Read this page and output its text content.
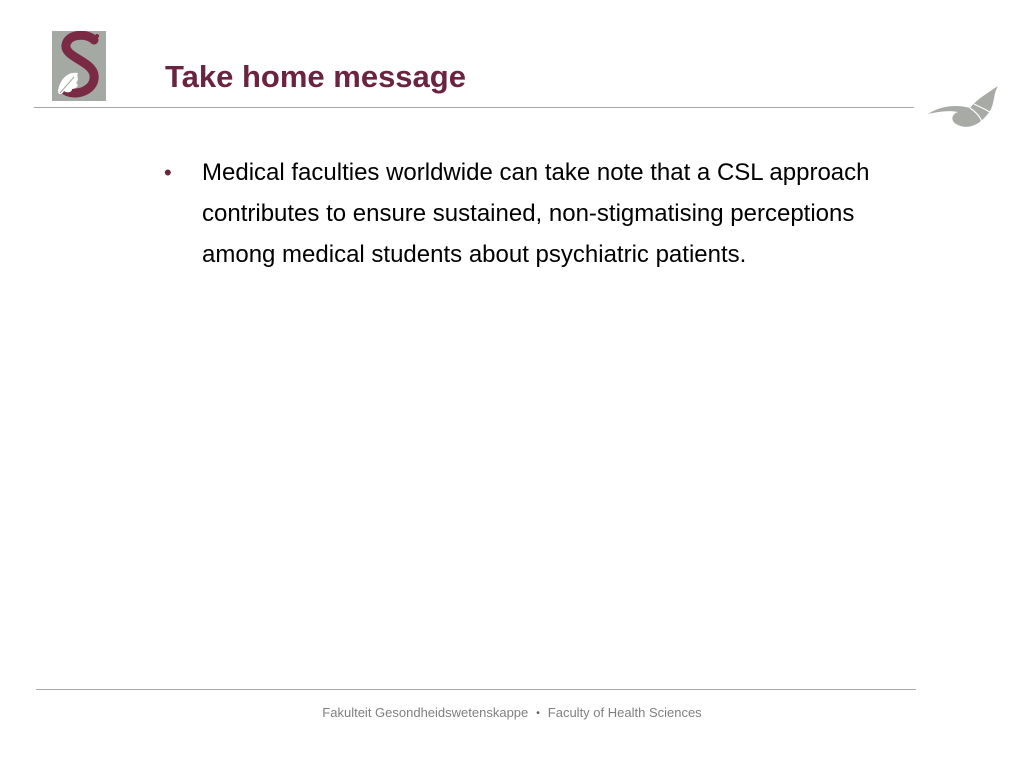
Take home message
• Medical faculties worldwide can take note that a CSL approach contributes to ensure sustained, non-stigmatising perceptions among medical students about psychiatric patients.
Fakulteit Gesondheidswetenskappe • Faculty of Health Sciences
